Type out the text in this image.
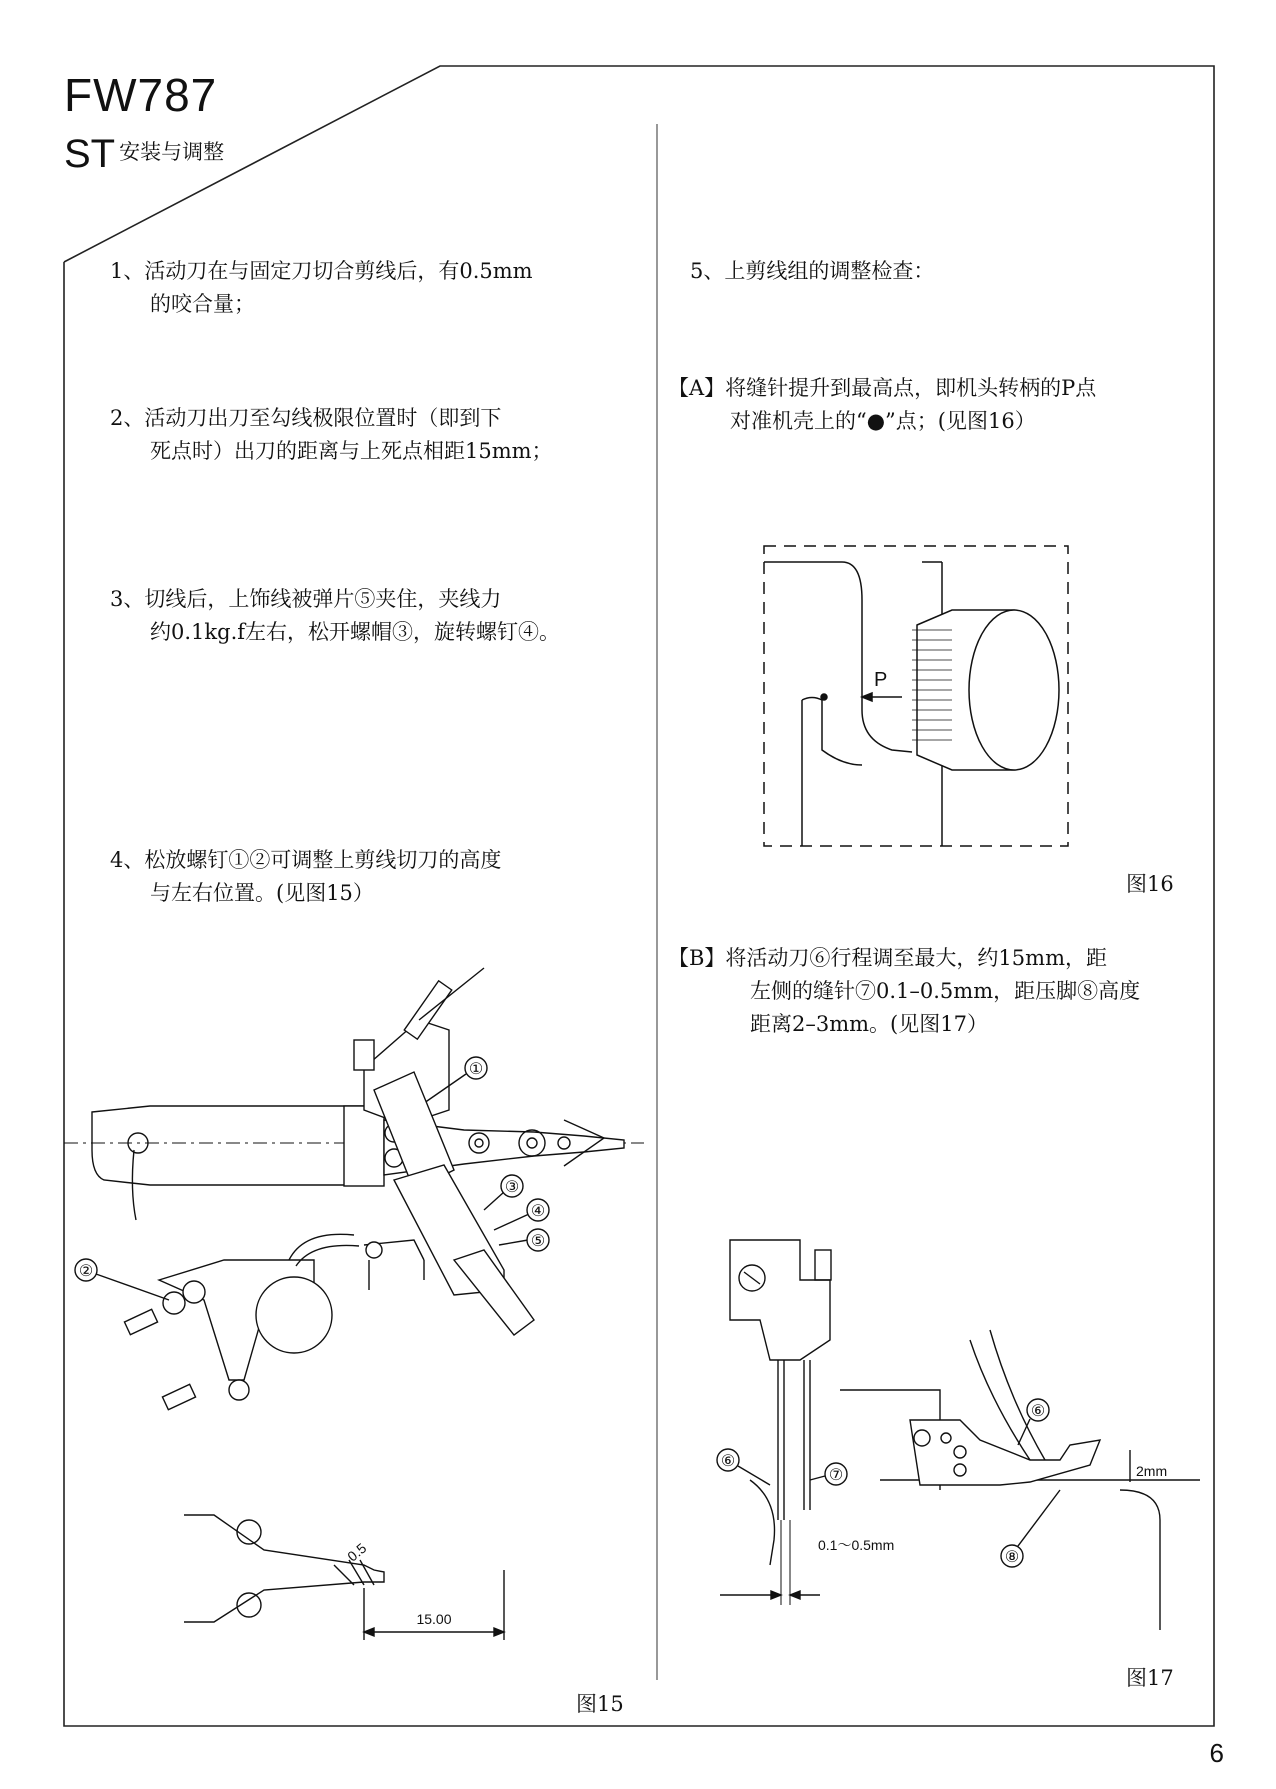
FW787
ST 安装与调整
1、活动刀在与固定刀切合剪线后，有0.5mm
的咬合量；
2、活动刀出刀至勾线极限位置时（即到下
死点时）出刀的距离与上死点相距15mm；
3、切线后，上饰线被弹片⑤夹住，夹线力
约0.1kg.f左右，松开螺帽③，旋转螺钉④。
4、松放螺钉①②可调整上剪线切刀的高度
与左右位置。(见图15）
①
②
③
④
⑤
15.00
0.5
图15
5、上剪线组的调整检查：
【A】将缝针提升到最高点，即机头转柄的P点
对准机壳上的“●”点；(见图16）
P
图16
【B】将活动刀⑥行程调至最大，约15mm，距
左侧的缝针⑦0.1–0.5mm，距压脚⑧高度
距离2–3mm。(见图17）
0.1～0.5mm
⑥
⑦
⑥
⑧
2mm
图17
6
